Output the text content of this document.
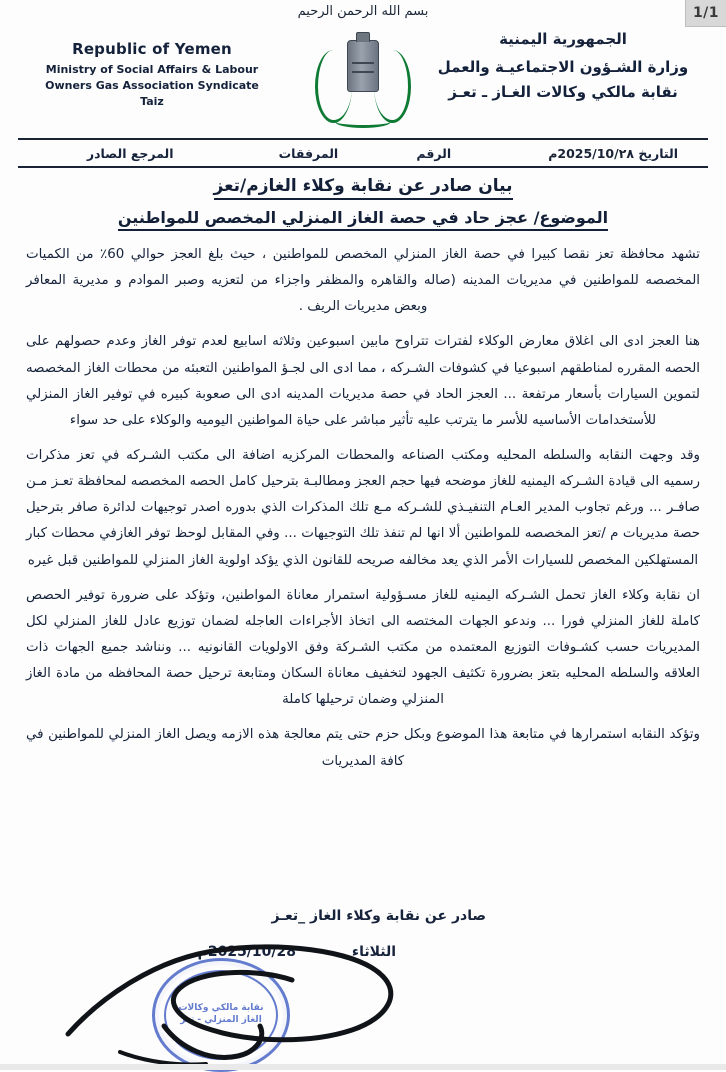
1/1
بسم الله الرحمن الرحيم
Republic of Yemen
Ministry of Social Affairs & Labour
Owners Gas Association Syndicate
Taiz
الجمهورية اليمنية
وزارة الشـؤون الاجتماعيـة والعمل
نقابة مالكي وكالات الغـاز ـ تعـز
التاريخ 2025/10/٢٨م
الرقم
المرفقات
المرجع الصادر
بيان صادر عن نقابة وكلاء الغازم/تعز
الموضوع/ عجز حاد في حصة الغاز المنزلي المخصص للمواطنين

تشهد محافظة تعز نقصا كبيرا في حصة الغاز المنزلي المخصص للمواطنين ، حيث بلغ العجز حوالي 60٪ من الكميات المخصصه للمواطنين في مديريات المدينه (صاله والقاهره والمظفر واجزاء من لتعزيه وصبر الموادم و مديرية المعافر وبعض مديريات الريف .

هنا العجز ادى الى اغلاق معارض الوكلاء لفترات تتراوح مابين اسبوعين وثلاثه اسابيع لعدم توفر الغاز وعدم حصولهم على الحصه المقرره لمناطقهم اسبوعيا في كشوفات الشـركه ، مما ادى الى لجـؤ المواطنين التعبئه من محطات الغاز المخصصه لتموين السيارات بأسعار مرتفعة ... العجز الحاد في حصة مديريات المدينه ادى الى صعوبة كبيره في توفير الغاز المنزلي للأستخدامات الأساسيه للأسر ما يترتب عليه تأثير مباشر على حياة المواطنين اليوميه والوكلاء على حد سواء

وقد وجهت النقابه والسلطه المحليه ومكتب الصناعه والمحطات المركزيه اضافة الى مكتب الشـركه في تعز مذكرات رسميه الى قيادة الشـركه اليمنيه للغاز موضحه فيها حجم العجز ومطالبـة بترحيل كامل الحصه المخصصه لمحافظة تعـز مـن صافـر ... ورغم تجاوب المدير العـام التنفيـذي للشـركه مـع تلك المذكرات الذي بدوره اصدر توجيهات لدائرة صافر بترحيل حصة مديريات م /تعز المخصصه للمواطنين ألا انها لم تنفذ تلك التوجيهات ... وفي المقابل لوحظ توفر الغازفي محطات كبار المستهلكين المخصص للسيارات الأمر الذي يعد مخالفه صريحه للقانون الذي يؤكد اولوية الغاز المنزلي للمواطنين قبل غيره

ان نقابة وكلاء الغاز تحمل الشـركه اليمنيه للغاز مسـؤولية استمرار معاناة المواطنين، وتؤكد على ضرورة توفير الحصص كاملة للغاز المنزلي فورا ... وندعو الجهات المختصه الى اتخاذ الأجراءات العاجله لضمان توزيع عادل للغاز المنزلي لكل المديريات حسب كشـوفات التوزيع المعتمده من مكتب الشـركة وفق الاولويات القانونيه ... ونناشد جميع الجهات ذات العلاقه والسلطه المحليه بتعز بضرورة تكثيف الجهود لتخفيف معاناة السكان ومتابعة ترحيل حصة المحافظه من مادة الغاز المنزلي وضمان ترحيلها كاملة

وتؤكد النقابه استمرارها في متابعة هذا الموضوع وبكل حزم حتى يتم معالجة هذه الازمه ويصل الغاز المنزلي للمواطنين في كافة المديريات

صادر عن نقابة وكلاء الغاز _تعـز
الثلاثاء
2025/10/28م
نقابة مالكي وكالات الغاز المنزلي - تعز
